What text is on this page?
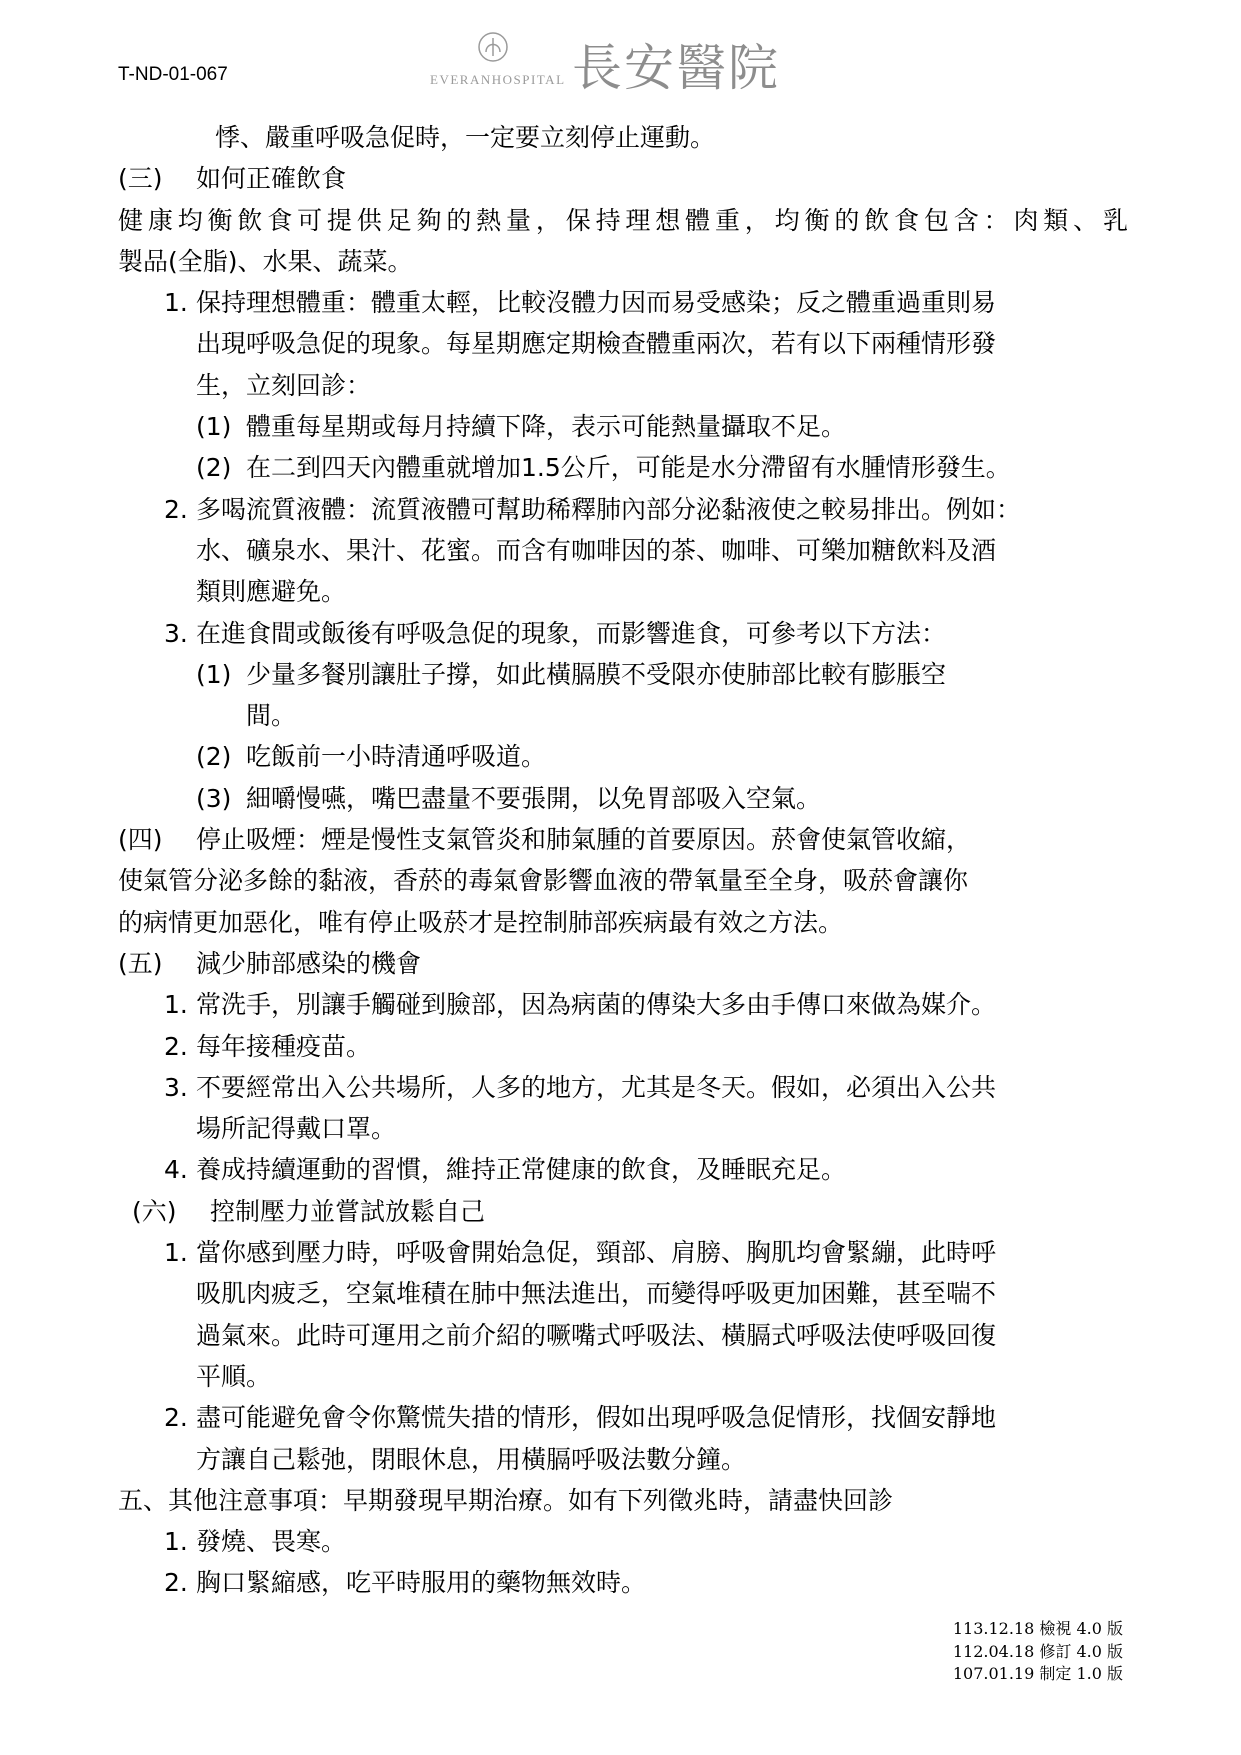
T-ND-01-067	EVERANHOSPITAL 長安醫院
悸、嚴重呼吸急促時，一定要立刻停止運動。
(三) 如何正確飲食
健康均衡飲食可提供足夠的熱量，保持理想體重，均衡的飲食包含：肉類、乳
製品(全脂)、水果、蔬菜。
1. 保持理想體重：體重太輕，比較沒體力因而易受感染；反之體重過重則易
出現呼吸急促的現象。每星期應定期檢查體重兩次，若有以下兩種情形發
生，立刻回診：
(1) 體重每星期或每月持續下降，表示可能熱量攝取不足。
(2) 在二到四天內體重就增加1.5公斤，可能是水分滯留有水腫情形發生。
2. 多喝流質液體：流質液體可幫助稀釋肺內部分泌黏液使之較易排出。例如：
水、礦泉水、果汁、花蜜。而含有咖啡因的茶、咖啡、可樂加糖飲料及酒
類則應避免。
3. 在進食間或飯後有呼吸急促的現象，而影響進食，可參考以下方法：
(1) 少量多餐別讓肚子撐，如此橫膈膜不受限亦使肺部比較有膨脹空
間。
(2) 吃飯前一小時清通呼吸道。
(3) 細嚼慢嚥，嘴巴盡量不要張開，以免胃部吸入空氣。
(四) 停止吸煙：煙是慢性支氣管炎和肺氣腫的首要原因。菸會使氣管收縮，
使氣管分泌多餘的黏液，香菸的毒氣會影響血液的帶氧量至全身，吸菸會讓你
的病情更加惡化，唯有停止吸菸才是控制肺部疾病最有效之方法。
(五) 減少肺部感染的機會
1. 常洗手，別讓手觸碰到臉部，因為病菌的傳染大多由手傳口來做為媒介。
2. 每年接種疫苗。
3. 不要經常出入公共場所，人多的地方，尤其是冬天。假如，必須出入公共
場所記得戴口罩。
4. 養成持續運動的習慣，維持正常健康的飲食，及睡眠充足。
(六) 控制壓力並嘗試放鬆自己
1. 當你感到壓力時，呼吸會開始急促，頸部、肩膀、胸肌均會緊繃，此時呼
吸肌肉疲乏，空氣堆積在肺中無法進出，而變得呼吸更加困難，甚至喘不
過氣來。此時可運用之前介紹的噘嘴式呼吸法、橫膈式呼吸法使呼吸回復
平順。
2. 盡可能避免會令你驚慌失措的情形，假如出現呼吸急促情形，找個安靜地
方讓自己鬆弛，閉眼休息，用橫膈呼吸法數分鐘。
五、其他注意事項：早期發現早期治療。如有下列徵兆時，請盡快回診
1. 發燒、畏寒。
2. 胸口緊縮感，吃平時服用的藥物無效時。
113.12.18 檢視 4.0 版
112.04.18 修訂 4.0 版
107.01.19 制定 1.0 版
